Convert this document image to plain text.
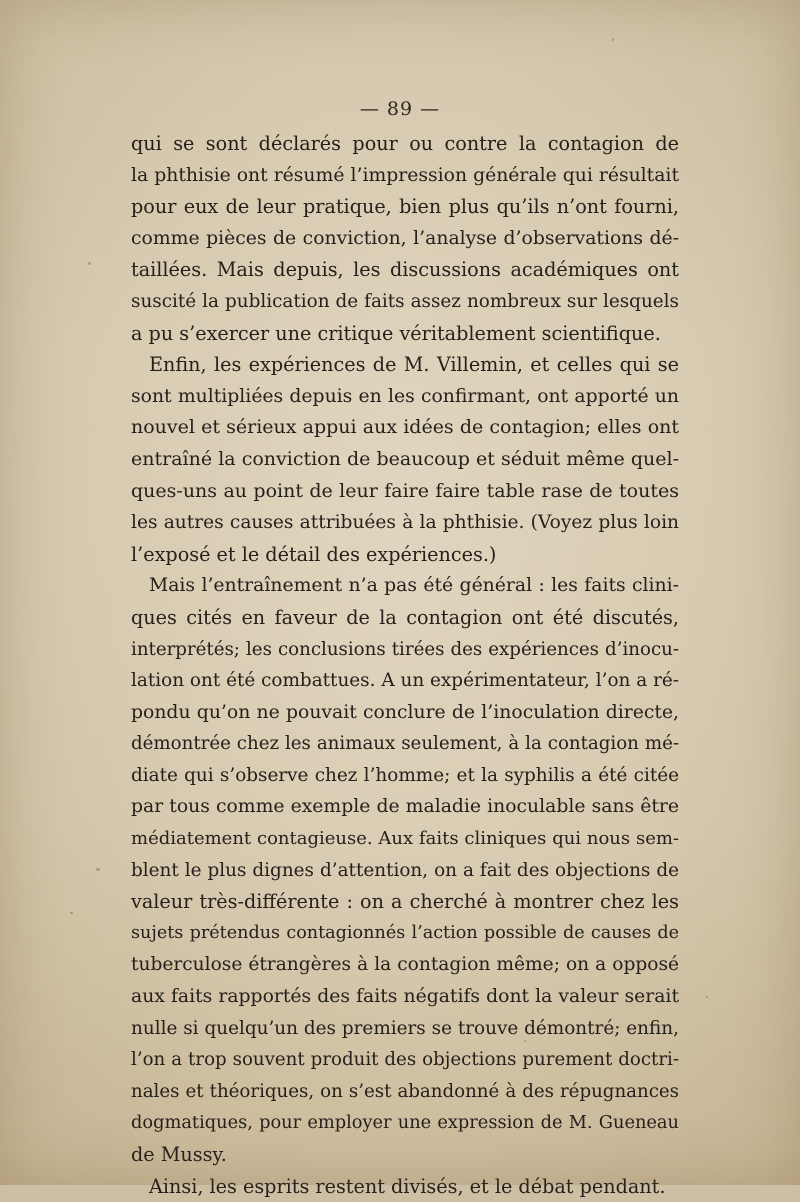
— 89 —
qui se sont déclarés pour ou contre la contagion de
la phthisie ont résumé l’impression générale qui résultait
pour eux de leur pratique, bien plus qu’ils n’ont fourni,
comme pièces de conviction, l’analyse d’observations dé-
taillées. Mais depuis, les discussions académiques ont
suscité la publication de faits assez nombreux sur lesquels
a pu s’exercer une critique véritablement scientifique.
Enfin, les expériences de M. Villemin, et celles qui se
sont multipliées depuis en les confirmant, ont apporté un
nouvel et sérieux appui aux idées de contagion; elles ont
entraîné la conviction de beaucoup et séduit même quel-
ques-uns au point de leur faire faire table rase de toutes
les autres causes attribuées à la phthisie. (Voyez plus loin
l’exposé et le détail des expériences.)
Mais l’entraînement n’a pas été général : les faits clini-
ques cités en faveur de la contagion ont été discutés,
interprétés; les conclusions tirées des expériences d’inocu-
lation ont été combattues. A un expérimentateur, l’on a ré-
pondu qu’on ne pouvait conclure de l’inoculation directe,
démontrée chez les animaux seulement, à la contagion mé-
diate qui s’observe chez l’homme; et la syphilis a été citée
par tous comme exemple de maladie inoculable sans être
médiatement contagieuse. Aux faits cliniques qui nous sem-
blent le plus dignes d’attention, on a fait des objections de
valeur très-différente : on a cherché à montrer chez les
sujets prétendus contagionnés l’action possible de causes de
tuberculose étrangères à la contagion même; on a opposé
aux faits rapportés des faits négatifs dont la valeur serait
nulle si quelqu’un des premiers se trouve démontré; enfin,
l’on a trop souvent produit des objections purement doctri-
nales et théoriques, on s’est abandonné à des répugnances
dogmatiques, pour employer une expression de M. Gueneau
de Mussy.
Ainsi, les esprits restent divisés, et le débat pendant.
